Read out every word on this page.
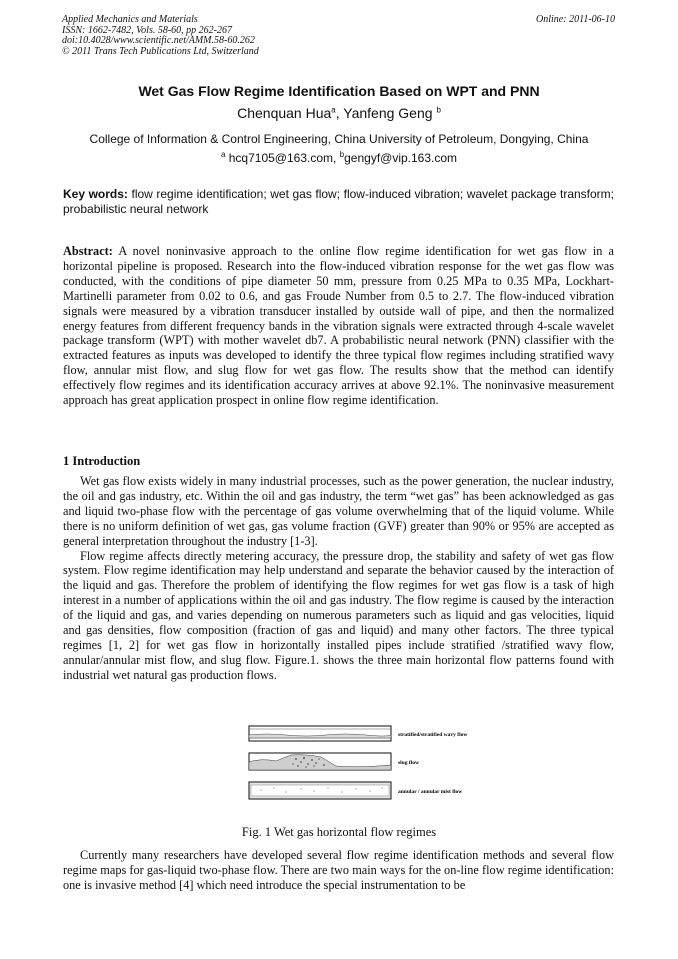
Applied Mechanics and Materials
ISSN: 1662-7482, Vols. 58-60, pp 262-267
doi:10.4028/www.scientific.net/AMM.58-60.262
© 2011 Trans Tech Publications Ltd, Switzerland
Online: 2011-06-10
Wet Gas Flow Regime Identification Based on WPT and PNN
Chenquan Hua$^a$, Yanfeng Geng $^b$
College of Information & Control Engineering, China University of Petroleum, Dongying, China
$^a$ hcq7105@163.com, $^b$gengyf@vip.163.com
Key words: flow regime identification; wet gas flow; flow-induced vibration; wavelet package transform; probabilistic neural network
Abstract: A novel noninvasive approach to the online flow regime identification for wet gas flow in a horizontal pipeline is proposed. Research into the flow-induced vibration response for the wet gas flow was conducted, with the conditions of pipe diameter 50 mm, pressure from 0.25 MPa to 0.35 MPa, Lockhart-Martinelli parameter from 0.02 to 0.6, and gas Froude Number from 0.5 to 2.7. The flow-induced vibration signals were measured by a vibration transducer installed by outside wall of pipe, and then the normalized energy features from different frequency bands in the vibration signals were extracted through 4-scale wavelet package transform (WPT) with mother wavelet db7. A probabilistic neural network (PNN) classifier with the extracted features as inputs was developed to identify the three typical flow regimes including stratified wavy flow, annular mist flow, and slug flow for wet gas flow. The results show that the method can identify effectively flow regimes and its identification accuracy arrives at above 92.1%. The noninvasive measurement approach has great application prospect in online flow regime identification.
1 Introduction

Wet gas flow exists widely in many industrial processes, such as the power generation, the nuclear industry, the oil and gas industry, etc. Within the oil and gas industry, the term “wet gas” has been acknowledged as gas and liquid two-phase flow with the percentage of gas volume overwhelming that of the liquid volume. While there is no uniform definition of wet gas, gas volume fraction (GVF) greater than 90% or 95% are accepted as general interpretation throughout the industry [1-3].

Flow regime affects directly metering accuracy, the pressure drop, the stability and safety of wet gas flow system. Flow regime identification may help understand and separate the behavior caused by the interaction of the liquid and gas. Therefore the problem of identifying the flow regimes for wet gas flow is a task of high interest in a number of applications within the oil and gas industry. The flow regime is caused by the interaction of the liquid and gas, and varies depending on numerous parameters such as liquid and gas velocities, liquid and gas densities, flow composition (fraction of gas and liquid) and many other factors. The three typical regimes [1, 2] for wet gas flow in horizontally installed pipes include stratified /stratified wavy flow, annular/annular mist flow, and slug flow. Figure.1. shows the three main horizontal flow patterns found with industrial wet natural gas production flows.

stratified/stratified wavy flow
slug flow
annular / annular mist flow
Fig. 1 Wet gas horizontal flow regimes

Currently many researchers have developed several flow regime identification methods and several flow regime maps for gas-liquid two-phase flow. There are two main ways for the on-line flow regime identification: one is invasive method [4] which need introduce the special instrumentation to be
